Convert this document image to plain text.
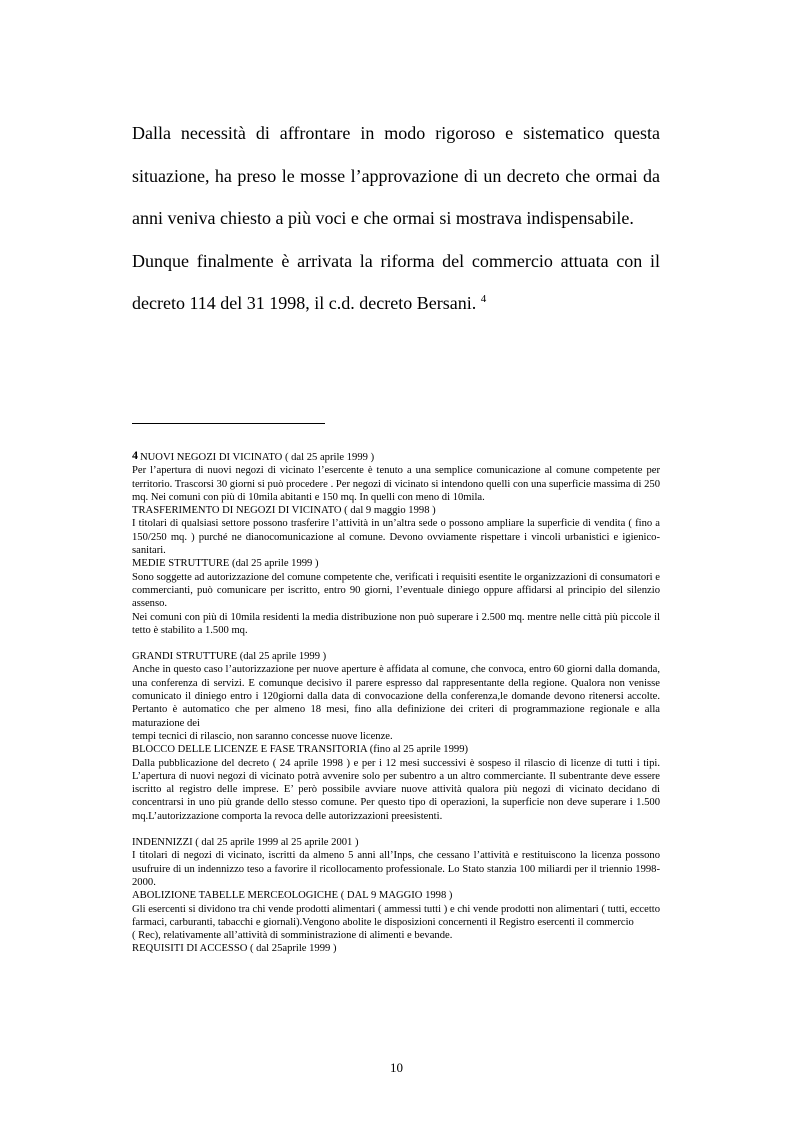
Dalla necessità di affrontare in modo rigoroso e sistematico questa situazione, ha preso le mosse l’approvazione di un decreto che ormai da anni veniva chiesto a più voci e che ormai si mostrava indispensabile.

Dunque finalmente è arrivata la riforma del commercio attuata con il decreto 114 del 31 1998, il c.d. decreto Bersani. $^4$

4 NUOVI NEGOZI DI VICINATO ( dal 25 aprile 1999 )

Per l’apertura di nuovi negozi di vicinato l’esercente è tenuto a una semplice comunicazione al comune competente per territorio. Trascorsi 30 giorni si può procedere . Per negozi di vicinato si intendono quelli con una superficie massima di 250 mq. Nei comuni con più di 10mila abitanti e 150 mq. In quelli con meno di 10mila.

TRASFERIMENTO DI NEGOZI DI VICINATO ( dal 9 maggio 1998 )

I titolari di qualsiasi settore possono trasferire l’attività in un’altra sede o possono ampliare la superficie di vendita ( fino a 150/250 mq. ) purché ne dianocomunicazione al comune. Devono ovviamente rispettare i vincoli urbanistici e igienico-sanitari.

MEDIE STRUTTURE (dal 25 aprile 1999 )

Sono soggette ad autorizzazione del comune competente che, verificati i requisiti esentite le organizzazioni di consumatori e commercianti, può comunicare per iscritto, entro 90 giorni, l’eventuale diniego oppure affidarsi al principio del silenzio assenso.

Nei comuni con più di 10mila residenti la media distribuzione non può superare i 2.500 mq. mentre nelle città più piccole il tetto è stabilito a 1.500 mq.

GRANDI STRUTTURE (dal 25 aprile 1999 )

Anche in questo caso l’autorizzazione per nuove aperture è affidata al comune, che convoca, entro 60 giorni dalla domanda, una conferenza di servizi. E comunque decisivo il parere espresso dal rappresentante della regione. Qualora non venisse comunicato il diniego entro i 120giorni dalla data di convocazione della conferenza,le domande devono ritenersi accolte. Pertanto è automatico che per almeno 18 mesi, fino alla definizione dei criteri di programmazione regionale e alla maturazione dei

tempi tecnici di rilascio, non saranno concesse nuove licenze.

BLOCCO DELLE LICENZE E FASE TRANSITORIA (fino al 25 aprile 1999)

Dalla pubblicazione del decreto ( 24 aprile 1998 ) e per i 12 mesi successivi è sospeso il rilascio di licenze di tutti i tipi. L’apertura di nuovi negozi di vicinato potrà avvenire solo per subentro a un altro commerciante. Il subentrante deve essere iscritto al registro delle imprese. E’ però possibile avviare nuove attività qualora più negozi di vicinato decidano di concentrarsi in uno più grande dello stesso comune. Per questo tipo di operazioni, la superficie non deve superare i 1.500 mq.L’autorizzazione comporta la revoca delle autorizzazioni preesistenti.

INDENNIZZI ( dal 25 aprile 1999 al 25 aprile 2001 )

I titolari di negozi di vicinato, iscritti da almeno 5 anni all’Inps, che cessano l’attività e restituiscono la licenza possono usufruire di un indennizzo teso a favorire il ricollocamento professionale. Lo Stato stanzia 100 miliardi per il triennio 1998-2000.

ABOLIZIONE TABELLE MERCEOLOGICHE ( DAL 9 MAGGIO 1998 )

Gli esercenti si dividono tra chi vende prodotti alimentari ( ammessi tutti ) e chi vende prodotti non alimentari ( tutti, eccetto farmaci, carburanti, tabacchi e giornali).Vengono abolite le disposizioni concernenti il Registro esercenti il commercio

( Rec), relativamente all’attività di somministrazione di alimenti e bevande.

REQUISITI DI ACCESSO ( dal 25aprile 1999 )

10
